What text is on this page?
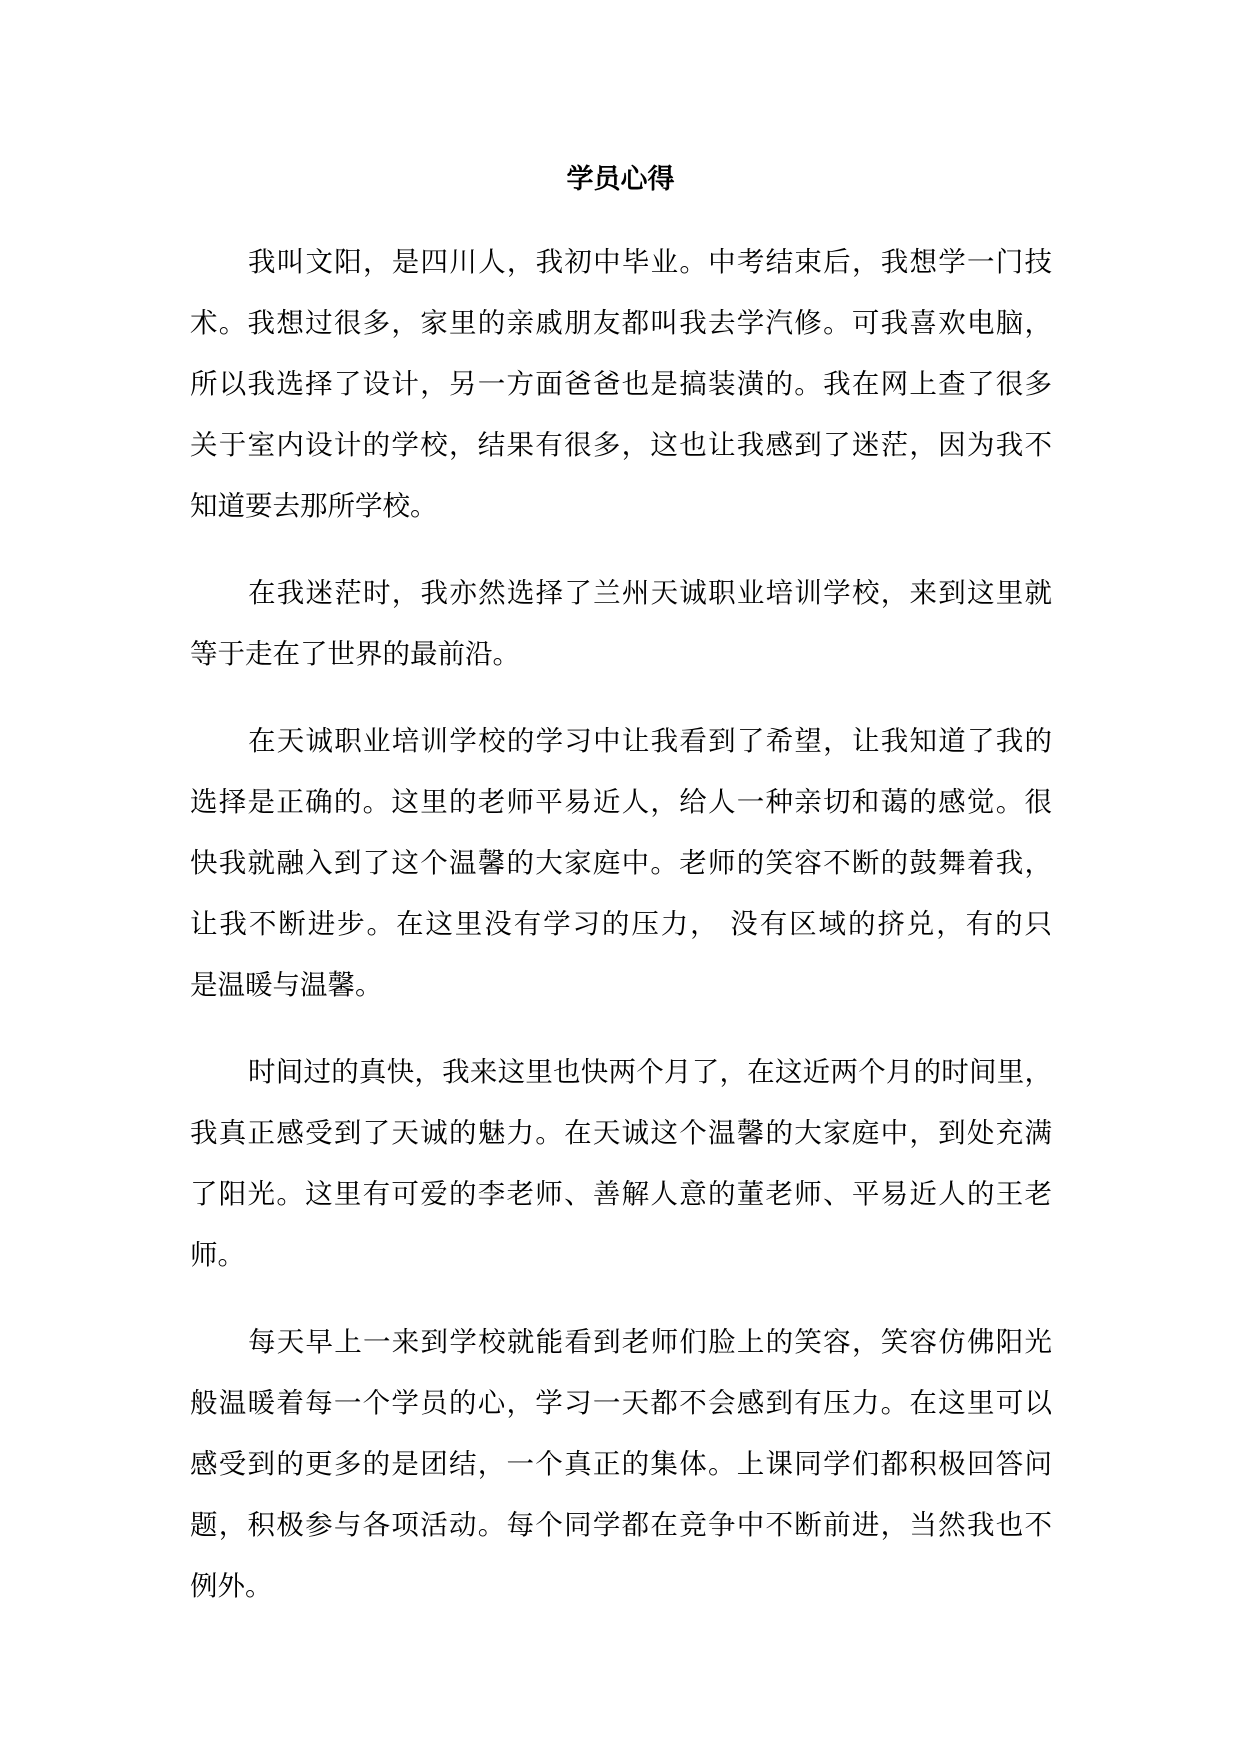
学员心得
我叫文阳，是四川人，我初中毕业。中考结束后，我想学一门技
术。我想过很多，家里的亲戚朋友都叫我去学汽修。可我喜欢电脑，
所以我选择了设计，另一方面爸爸也是搞装潢的。我在网上查了很多
关于室内设计的学校，结果有很多，这也让我感到了迷茫，因为我不
知道要去那所学校。
在我迷茫时，我亦然选择了兰州天诚职业培训学校，来到这里就
等于走在了世界的最前沿。
在天诚职业培训学校的学习中让我看到了希望，让我知道了我的
选择是正确的。这里的老师平易近人，给人一种亲切和蔼的感觉。很
快我就融入到了这个温馨的大家庭中。老师的笑容不断的鼓舞着我，
让我不断进步。在这里没有学习的压力， 没有区域的挤兑，有的只
是温暖与温馨。
时间过的真快，我来这里也快两个月了，在这近两个月的时间里，
我真正感受到了天诚的魅力。在天诚这个温馨的大家庭中，到处充满
了阳光。这里有可爱的李老师、善解人意的董老师、平易近人的王老
师。
每天早上一来到学校就能看到老师们脸上的笑容，笑容仿佛阳光
般温暖着每一个学员的心，学习一天都不会感到有压力。在这里可以
感受到的更多的是团结，一个真正的集体。上课同学们都积极回答问
题，积极参与各项活动。每个同学都在竞争中不断前进，当然我也不
例外。
